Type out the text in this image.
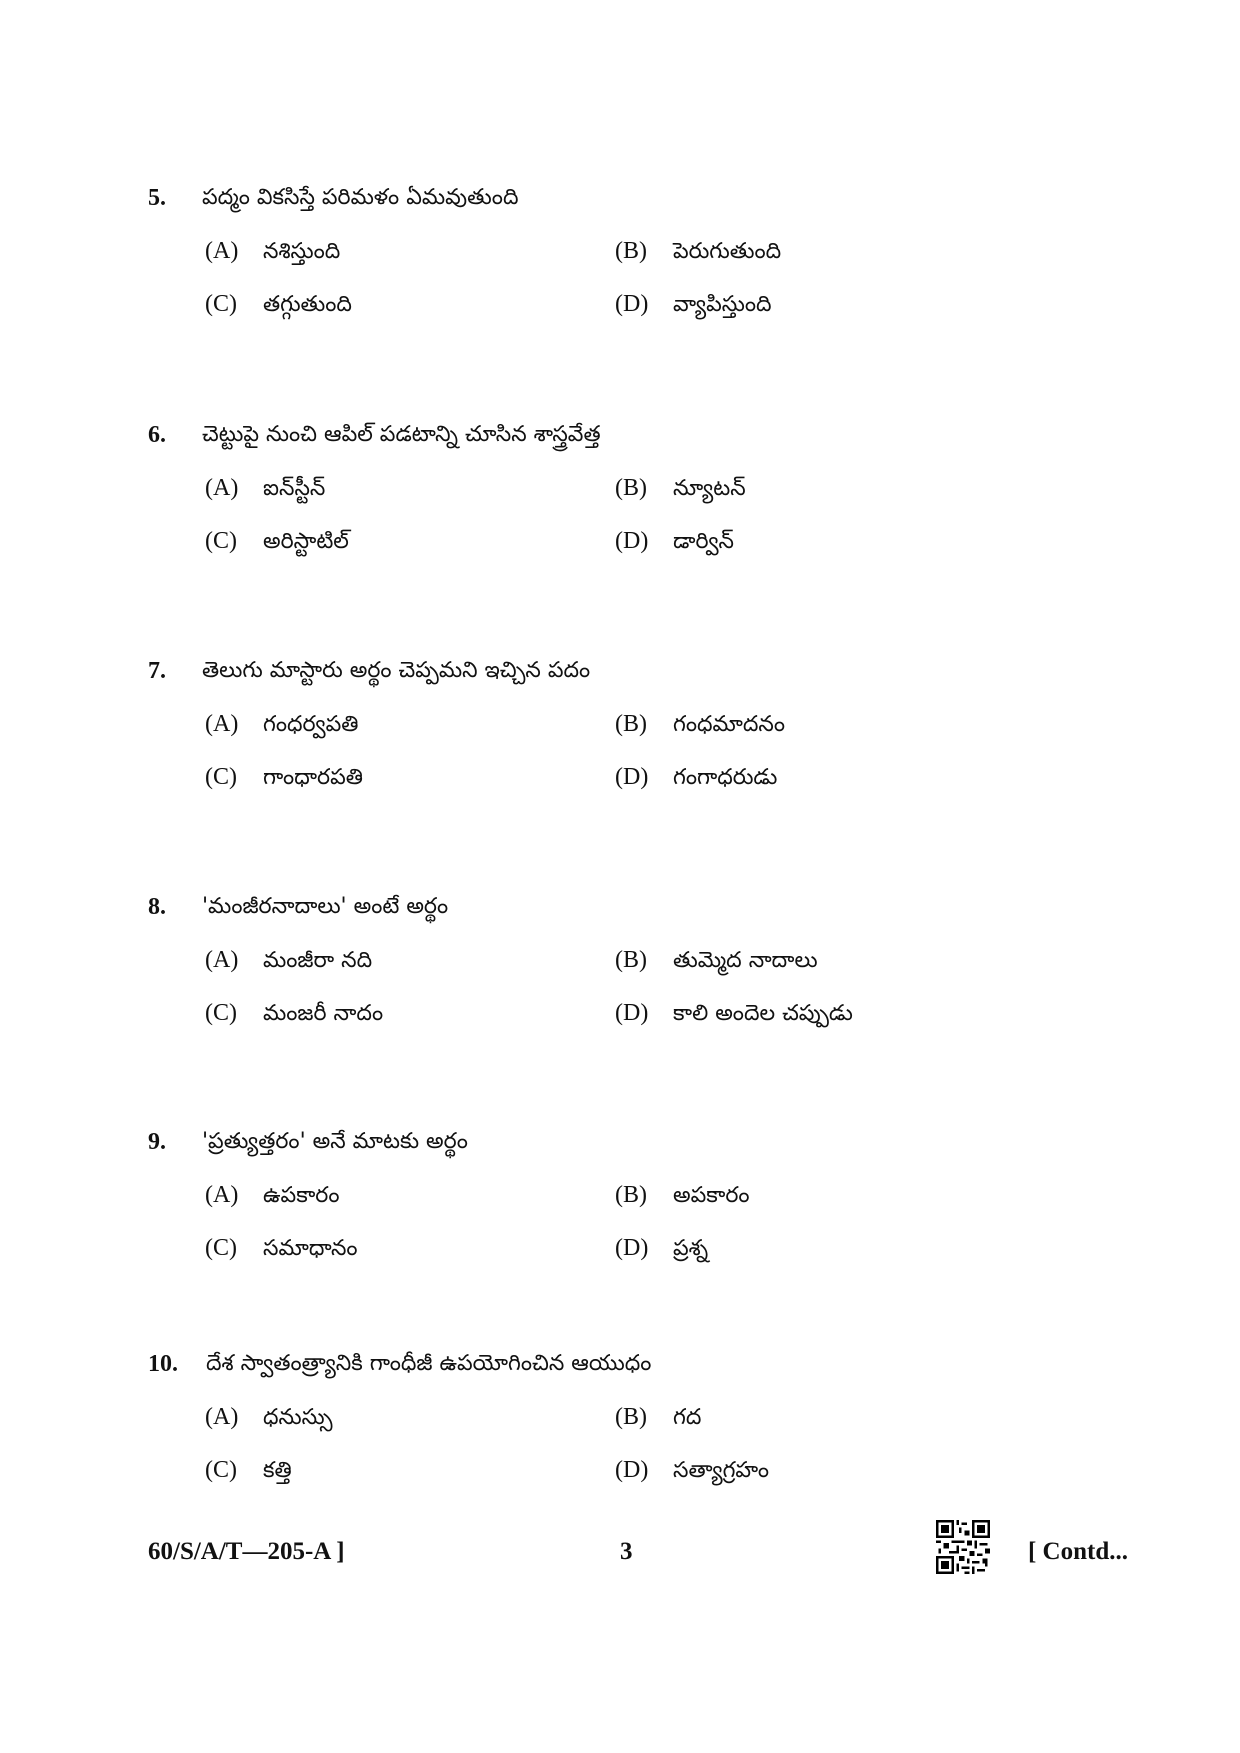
5. పద్మం వికసిస్తే పరిమళం ఏమవుతుంది
(A) నశిస్తుంది	(B) పెరుగుతుంది
(C) తగ్గుతుంది	(D) వ్యాపిస్తుంది
6. చెట్టుపై నుంచి ఆపిల్ పడటాన్ని చూసిన శాస్త్రవేత్త
(A) ఐన్‌స్టీన్	(B) న్యూటన్
(C) అరిస్టాటిల్	(D) డార్విన్
7. తెలుగు మాస్టారు అర్థం చెప్పమని ఇచ్చిన పదం
(A) గంధర్వపతి	(B) గంధమాదనం
(C) గాంధారపతి	(D) గంగాధరుడు
8. 'మంజీరనాదాలు' అంటే అర్థం
(A) మంజీరా నది	(B) తుమ్మెద నాదాలు
(C) మంజరీ నాదం	(D) కాలి అందెల చప్పుడు
9. 'ప్రత్యుత్తరం' అనే మాటకు అర్థం
(A) ఉపకారం	(B) అపకారం
(C) సమాధానం	(D) ప్రశ్న
10. దేశ స్వాతంత్ర్యానికి గాంధీజీ ఉపయోగించిన ఆయుధం
(A) ధనుస్సు	(B) గద
(C) కత్తి	(D) సత్యాగ్రహం
60/S/A/T—205-A ]	3	[ Contd...
